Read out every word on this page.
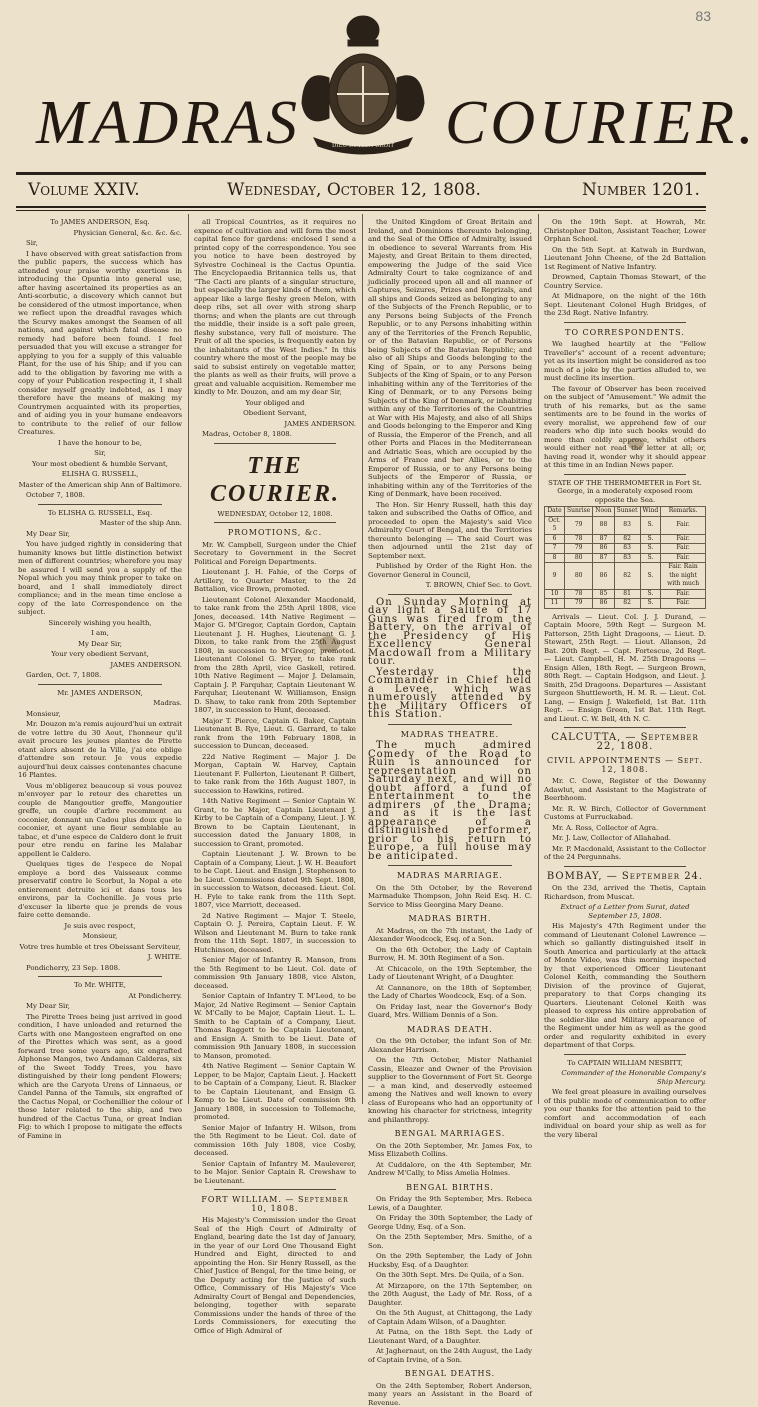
MADRAS	DIEU ET MON DROIT COURIER.
83
Volume XXIV.	Wednesday, October 12, 1808.	Number 1201.

To JAMES ANDERSON, Esq.

Physician General, &c. &c. &c.

Sir,

I have observed with great satisfaction from the public papers, the success which has attended your praise worthy exertions in introducing the Opuntia into general use, after having ascertained its properties as an Anti-scorbutic, a discovery which cannot but be considered of the utmost importance, when we reflect upon the dreadful ravages which the Scurvy makes amongst the Seamen of all nations, and against which fatal disease no remedy had before been found. I feel persuaded that you will excuse a stranger for applying to you for a supply of this valuable Plant, for the use of his Ship; and if you can add to the obligation by favoring me with a copy of your Publication respecting it, I shall consider myself greatly indebted, as I may therefore have the means of making my Countrymen acquainted with its properties, and of aiding you in your humane endeavors to contribute to the relief of our fellow Creatures.

I have the honour to be,

Sir,

Your most obedient & humble Servant,

ELISHA G. RUSSELL,

Master of the American ship Ann of Baltimore.

October 7, 1808.

To ELISHA G. RUSSELL, Esq.

Master of the ship Ann.

My Dear Sir,

You have judged rightly in considering that humanity knows but little distinction betwixt men of different countries; wherefore you may be assured I will send you a supply of the Nopal which you may think proper to take on board, and I shall immediately direct compliance; and in the mean time enclose a copy of the late Correspondence on the subject.

Sincerely wishing you health,

I am,

My Dear Sir,

Your very obedient Servant,

JAMES ANDERSON.

Garden, Oct. 7, 1808.

Mr. JAMES ANDERSON,

Madras.

Monsieur,

Mr. Douzon m'a remis aujourd'hui un extrait de votre lettre du 30 Aout, l'honneur qu'il avait procure les jeunes plantes de Pirette etant alors absent de la Ville, j'ai ete oblige d'attendre son retour. Je vous expedie aujourd'hui deux caisses contenantes chacune 16 Plantes.

Vous m'obligerez beaucoup si vous pouvez m'envoyer par le retour des charettes un couple de Mangoutier greffe, Mangoutier greffe, un couple d'arbre recemment au coconier, donnant un Cadou plus doux que le coconier, et ayant une fleur semblable au tabac, et d'une espece de Caldero dont le fruit pour etre rendu en farine les Malabar appellent le Caldero.

Quelques tiges de l'espece de Nopal employe a bord des Vaisseaux comme preservatif contre le Scorbut, la Nopal a ete entierement detruite ici et dans tous les environs, par la Cochenille. Je vous prie d'excuser la liberte que je prends de vous faire cette demande.

Je suis avec respect,

Monsieur,

Votre tres humble et tres Obeissant Serviteur,

J. WHITE.

Pondicherry, 23 Sep. 1808.

To Mr. WHITE,

At Pondicherry.

My Dear Sir,

The Pirette Trees being just arrived in good condition, I have unloaded and returned the Carts with one Mangosteen engrafted on one of the Pirettes which was sent, as a good forward tree some years ago, six engrafted Alphonse Mangos, two Andaman Calderas, six of the Sweet Toddy Trees, you have distinguished by their long pendent Flowers; which are the Caryota Urens of Linnaeus, or Candel Panna of the Tamuls, six engrafted of the Cactus Nopal, or Cochenillier the colour of those later related to the ship, and two hundred of the Cactus Tuna, or great Indian Fig: to which I propose to mitigate the effects of Famine in

all Tropical Countries, as it requires no expence of cultivation and will form the most capital fence for gardens: enclosed I send a printed copy of the correspondence. You see you notice to have been destroyed by Sylvestre Cochineal is the Cactus Opuntia. The Encyclopaedia Britannica tells us, that "The Cacti are plants of a singular structure, but especially the larger kinds of them, which appear like a large fleshy green Melon, with deep ribs, set all over with strong sharp thorns; and when the plants are cut through the middle, their inside is a soft pale green, fleshy substance, very full of moisture. The Fruit of all the species, is frequently eaten by the inhabitants of the West Indies." In this country where the most of the people may be said to subsist entirely on vegetable matter, the plants as well as their fruits, will prove a great and valuable acquisition. Remember me kindly to Mr. Douzon, and am my dear Sir,

Your obliged and

Obedient Servant,

JAMES ANDERSON.

Madras, October 8, 1808.

THE COURIER.

WEDNESDAY, October 12, 1808.

PROMOTIONS, &c.

Mr. W. Campbell, Surgeon under the Chief Secretary to Government in the Secret Political and Foreign Departments.

Lieutenant J. H. Fahie, of the Corps of Artillery, to Quarter Master, to the 2d Battalion, vice Brown, promoted.

Lieutenant Colonel Alexander Macdonald, to take rank from the 25th April 1808, vice Jones, deceased. 14th Native Regiment — Major G. M'Gregor, Captain Gordon, Captain Lieutenant J. H. Hughes, Lieutenant G. J. Dixon, to take rank from the 25th August 1808, in succession to M'Gregor, promoted. Lieutenant Colonel G. Bryer, to take rank from the 28th April, vice Gaskell, retired. 10th Native Regiment — Major J. Delamain, Captain J. P. Farquhar, Captain Lieutenant W. Farquhar, Lieutenant W. Williamson, Ensign D. Shaw, to take rank from 20th September 1807, in succession to Hunt, deceased.

Major T. Pierce, Captain G. Baker, Captain Lieutenant B. Rye, Lieut. G. Garrard, to take rank from the 19th February 1808, in succession to Duncan, deceased.

22d Native Regiment — Major J. De Morgan, Captain W. Harvey, Captain Lieutenant F. Fullerton, Lieutenant P. Gilbert, to take rank from the 16th August 1807, in succession to Hawkins, retired.

14th Native Regiment — Senior Captain W. Grant, to be Major, Captain Lieutenant J. Kirby to be Captain of a Company, Lieut. J. W. Brown to be Captain Lieutenant, in succession dated the January 1808, in succession to Grant, promoted.

Captain Lieutenant J. W. Brown to be Captain of a Company, Lieut. J. W. H. Beaufort to be Capt. Lieut. and Ensign J. Stephenson to be Lieut. Commissions dated 9th Sept. 1808, in succession to Watson, deceased. Lieut. Col. H. Fyle to take rank from the 11th Sept. 1807, vice Marriott, deceased.

2d Native Regiment — Major T. Steele, Captain O. J. Pereira, Captain Lieut. F. W. Wilson and Lieutenant M. Burn to take rank from the 11th Sept. 1807, in succession to Hutchinson, deceased.

Senior Major of Infantry R. Manson, from the 5th Regiment to be Lieut. Col. date of commission 9th January 1808, vice Alston, deceased.

Senior Captain of Infantry T. M'Leod, to be Major, 2d Native Regiment — Senior Captain W. M'Cally to be Major, Captain Lieut. L. L. Smith to be Captain of a Company, Lieut. Thomas Raggett to be Captain Lieutenant, and Ensign A. Smith to be Lieut. Date of commission 9th January 1808, in succession to Manson, promoted.

4th Native Regiment — Senior Captain W. Lepper, to be Major, Captain Lieut. J. Hackett to be Captain of a Company, Lieut. R. Blacker to be Captain Lieutenant, and Ensign G. Kemp to be Lieut. Date of commission 9th January 1808, in succession to Tollemache, promoted.

Senior Major of Infantry H. Wilson, from the 5th Regiment to be Lieut. Col. date of commission 16th July 1808, vice Cosby, deceased.

Senior Captain of Infantry M. Mauleverer, to be Major. Senior Captain R. Crewshaw to be Lieutenant.

FORT WILLIAM. — September 10, 1808.

His Majesty's Commission under the Great Seal of the High Court of Admiralty of England, bearing date the 1st day of January, in the year of our Lord One Thousand Eight Hundred and Eight, directed to and appointing the Hon. Sir Henry Russell, as the Chief Justice of Bengal, for the time being, or the Deputy acting for the Justice of such Office, Commissary of His Majesty's Vice Admiralty Court of Bengal and Dependencies, belonging, together with separate Commissions under the hands of three of the Lords Commissioners, for executing the Office of High Admiral of

the United Kingdom of Great Britain and Ireland, and Dominions thereunto belonging, and the Seal of the Office of Admiralty, issued in obedience to several Warrants from His Majesty, and Great Britain to them directed, empowering the Judge of the said Vice Admiralty Court to take cognizance of and judicially proceed upon all and all manner of Captures, Seizures, Prizes and Reprizals, and all ships and Goods seized as belonging to any of the Subjects of the French Republic, or to any Persons being Subjects of the French Republic, or to any Persons inhabiting within any of the Territories of the French Republic, or of the Batavian Republic, or of Persons being Subjects of the Batavian Republic; and also of all Ships and Goods belonging to the King of Spain, or to any Persons being Subjects of the King of Spain, or to any Person inhabiting within any of the Territories of the King of Denmark, or to any Persons being Subjects of the King of Denmark, or inhabiting within any of the Territories of the Countries at War with His Majesty, and also of all Ships and Goods belonging to the Emperor and King of Russia, the Emperor of the French, and all other Ports and Places in the Mediterranean and Adriatic Seas, which are occupied by the Arms of France and her Allies, or to the Emperor of Russia, or to any Persons being Subjects of the Emperor of Russia, or inhabiting within any of the Territories of the King of Denmark, have been received.

The Hon. Sir Henry Russell, hath this day taken and subscribed the Oaths of Office, and proceeded to open the Majesty's said Vice Admiralty Court of Bengal, and the Territories thereunto belonging — The said Court was then adjourned until the 21st day of September next.

Published by Order of the Right Hon. the Governor General in Council,

T. BROWN, Chief Sec. to Govt.

On Sunday Morning at day light a Salute of 17 Guns was fired from the Battery, on the arrival of the Presidency of His Excellency General Macdowall from a Military tour.

Yesterday the Commander in Chief held a Levee, which was numerously attended by the Military Officers of this Station.

MADRAS THEATRE.

The much admired Comedy of the Road to Ruin is announced for representation on Saturday next, and will no doubt afford a fund of Entertainment to the admirers of the Drama; and as it is the last appearance of a distinguished performer, prior to his return to Europe, a full house may be anticipated.

MADRAS MARRIAGE.

On the 5th October, by the Reverend Marmaduke Thompson, John Reid Esq. H. C. Service to Miss Georgina Mary Deane.

MADRAS BIRTH.

At Madras, on the 7th instant, the Lady of Alexander Woodcock, Esq. of a Son.

On the 6th October, the Lady of Captain Burrow, H. M. 30th Regiment of a Son.

At Chicacole, on the 19th September, the Lady of Lieutenant Wright, of a Daughter.

At Cannanore, on the 18th of September, the Lady of Charles Woodcock, Esq. of a Son.

On Friday last, near the Governor's Body Guard, Mrs. William Dennis of a Son.

MADRAS DEATH.

On the 9th October, the infant Son of Mr. Alexander Harrison.

On the 7th October, Mister Nathaniel Cassin, Eleazer and Owner of the Provision supplier to the Government of Fort St. George — a man kind, and deservedly esteemed among the Natives and well known to every class of Europeans who had an opportunity of knowing his character for strictness, integrity and philanthropy.

BENGAL MARRIAGES.

On the 20th September, Mr. James Fox, to Miss Elizabeth Collins.

At Cuddalore, on the 4th September, Mr. Andrew M'Cally, to Miss Amelia Holmes.

BENGAL BIRTHS.

On Friday the 9th September, Mrs. Rebeca Lewis, of a Daughter.

On Friday the 30th September, the Lady of George Udny, Esq. of a Son.

On the 25th September, Mrs. Smithe, of a Son.

On the 29th September, the Lady of John Hucksby, Esq. of a Daughter.

On the 30th Sept. Mrs. De Quila, of a Son.

At Mirzapore, on the 17th September, on the 20th August, the Lady of Mr. Ross, of a Daughter.

On the 5th August, at Chittagong, the Lady of Captain Adam Wilson, of a Daughter.

At Patna, on the 18th Sept. the Lady of Lieutenant Ward, of a Daughter.

At Jaghernaut, on the 24th August, the Lady of Captain Irvine, of a Son.

BENGAL DEATHS.

On the 24th September, Robert Anderson, many years an Assistant in the Board of Revenue.

On the 19th Sept. at Howrah, Mr. Christopher Dalton, Assistant Teacher, Lower Orphan School.

On the 5th Sept. at Katwah in Burdwan, Lieutenant John Cheene, of the 2d Battalion 1st Regiment of Native Infantry.

Drowned, Captain Thomas Stewart, of the Country Service.

At Midnapore, on the night of the 16th Sept. Lieutenant Colonel Hugh Bridges, of the 23d Regt. Native Infantry.

TO CORRESPONDENTS.

We laughed heartily at the "Fellow Traveller's" account of a recent adventure; yet as its insertion might be considered as too much of a joke by the parties alluded to, we must decline its insertion.

The favour of Observer has been received on the subject of "Amusement." We admit the truth of his remarks, but as the same sentiments are to be found in the works of every moralist, we apprehend few of our readers who dip into such books would do more than coldly approve, whilst others would either not read the letter at all; or, having read it, wonder why it should appear at this time in an Indian News paper.

STATE OF THE THERMOMETER in Fort St. George, in a moderately exposed room opposite the Sea.

Date	Sunrise	Noon	Sunset	Wind	Remarks.
Oct. 5	79	88	83	S.	Fair.
6	78	87	82	S.	Fair.
7	79	86	83	S.	Fair.
8	80	87	83	S.	Fair.
9	80	86	82	S.	Fair. Rain the night with much
10	78	85	81	S.	Fair.
11	79	86	82	S.	Fair.

Arrivals — Lieut. Col. J. J. Durand, — Captain Moore, 59th Regt — Surgeon M. Patterson, 25th Light Dragoons, — Lieut. D. Stewart, 25th Regt. — Lieut. Allanson, 2d Bat. 20th Regt. — Capt. Fortescue, 2d Regt. — Lieut. Campbell, H. M. 25th Dragoons — Ensign Allen, 18th Regt. — Surgeon Brown, 80th Regt. — Captain Hodgson, and Lieut. J. Smith, 25d Dragoons. Departures — Assistant Surgeon Shuttleworth, H. M. R. — Lieut. Col. Lang, — Ensign J. Wakefield, 1st Bat. 11th Regt. — Ensign Green, 1st Bat. 11th Regt. and Lieut. C. W. Bell, 4th N. C.

CALCUTTA, — September 22, 1808.

CIVIL APPOINTMENTS — Sept. 12, 1808.

Mr. C. Cowe, Register of the Dewanny Adawlut, and Assistant to the Magistrate of Beerbhoom.

Mr. R. W. Birch, Collector of Government Customs at Furruckabad.

Mr. A. Ross, Collector of Agra.

Mr. J. Law, Collector of Allahabad.

Mr. P. Macdonald, Assistant to the Collector of the 24 Pergunnahs.

BOMBAY, — September 24.

On the 23d, arrived the Thetis, Captain Richardson, from Muscat.

Extract of a Letter from Surat, dated September 15, 1808.

His Majesty's 47th Regiment under the command of Lieutenant Colonel Lawrence — which so gallantly distinguished itself in South America and particularly at the attack of Monte Video, was this morning inspected by that experienced Officer Lieutenant Colonel Keith, commanding the Southern Division of the province of Gujerat, preparatory to that Corps changing its Quarters. Lieutenant Colonel Keith was pleased to express his entire approbation of the soldier-like and Military appearance of the Regiment under him as well as the good order and regularity exhibited in every department of that Corps.

To CAPTAIN WILLIAM NESBITT,

Commander of the Honorable Company's Ship Mercury.

We feel great pleasure in availing ourselves of this public mode of communication to offer you our thanks for the attention paid to the comfort and accommodation of each individual on board your ship as well as for the very liberal
